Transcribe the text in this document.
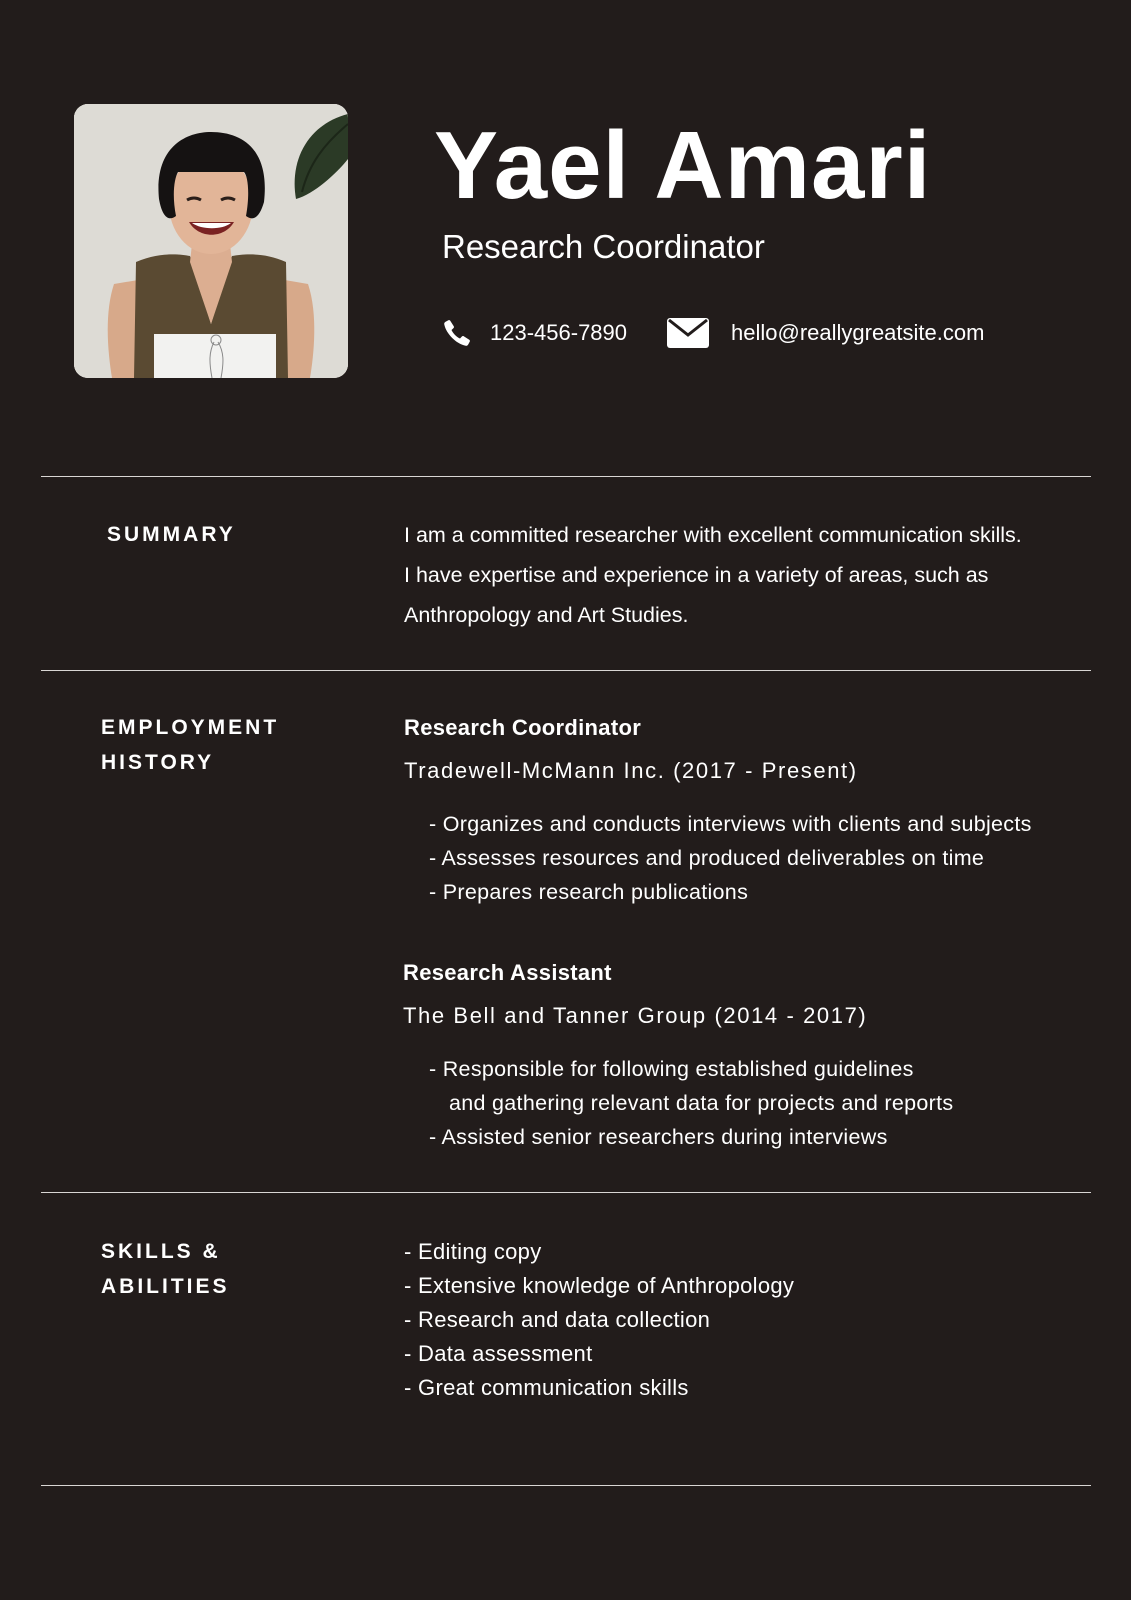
Yael Amari
Research Coordinator
123-456-7890	hello@reallygreatsite.com
SUMMARY	I am a committed researcher with excellent communication skills.
I have expertise and experience in a variety of areas, such as
Anthropology and Art Studies.
EMPLOYMENT
HISTORY
Research Coordinator
Tradewell-McMann Inc. (2017 - Present)
- Organizes and conducts interviews with clients and subjects
- Assesses resources and produced deliverables on time
- Prepares research publications
Research Assistant
The Bell and Tanner Group (2014 - 2017)
- Responsible for following established guidelines
and gathering relevant data for projects and reports
- Assisted senior researchers during interviews
SKILLS &
ABILITIES
- Editing copy
- Extensive knowledge of Anthropology
- Research and data collection
- Data assessment
- Great communication skills
